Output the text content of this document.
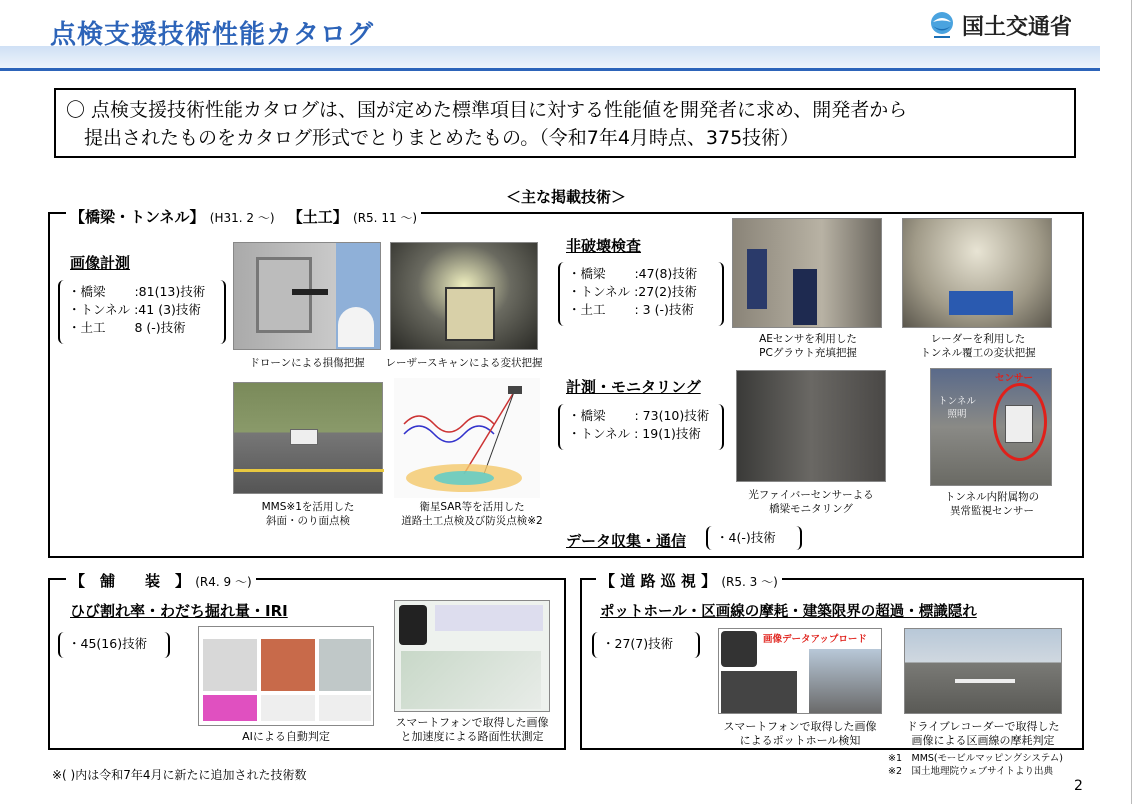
点検支援技術性能カタログ	国土交通省
〇 点検支援技術性能カタログは、国が定めた標準項目に対する性能値を開発者に求め、開発者から
提出されたものをカタログ形式でとりまとめたもの。（令和7年4月時点、375技術）
＜主な掲載技術＞
【橋梁・トンネル】 (H31. 2 ～) 【土工】 (R5. 11 ～)
画像計測
・橋梁　　 :81(13)技術
・トンネル :41 (3)技術
・土工　　 8 (-)技術
ドローンによる損傷把握	レーザースキャンによる変状把握
MMS※1を活用した
斜面・のり面点検
衛星SAR等を活用した
道路土工点検及び防災点検※2
非破壊検査
・橋梁　　 :47(8)技術
・トンネル :27(2)技術
・土工　　 : 3 (-)技術
AEセンサを利用した
PCグラウト充填把握
レーダーを利用した
トンネル覆工の変状把握
計測・モニタリング
・橋梁　　 : 73(10)技術
・トンネル : 19(1)技術
光ファイバーセンサーよる
橋梁モニタリング
センサー
トンネル
照明
トンネル内附属物の
異常監視センサー
データ収集・通信 ・4(-)技術
【　舗　　装　】 (R4. 9 ～)
ひび割れ率・わだち掘れ量・IRI
・45(16)技術
AIによる自動判定
スマートフォンで取得した画像
と加速度による路面性状測定
【 道 路 巡 視 】 (R5. 3 ～)
ポットホール・区画線の摩耗・建築限界の超過・標識隠れ
・27(7)技術	画像データアップロード
スマートフォンで取得した画像
によるポットホール検知
ドライブレコーダーで取得した
画像による区画線の摩耗判定
※( )内は令和7年4月に新たに追加された技術数
※1　MMS(モービルマッピングシステム)
※2　国土地理院ウェブサイトより出典
2
